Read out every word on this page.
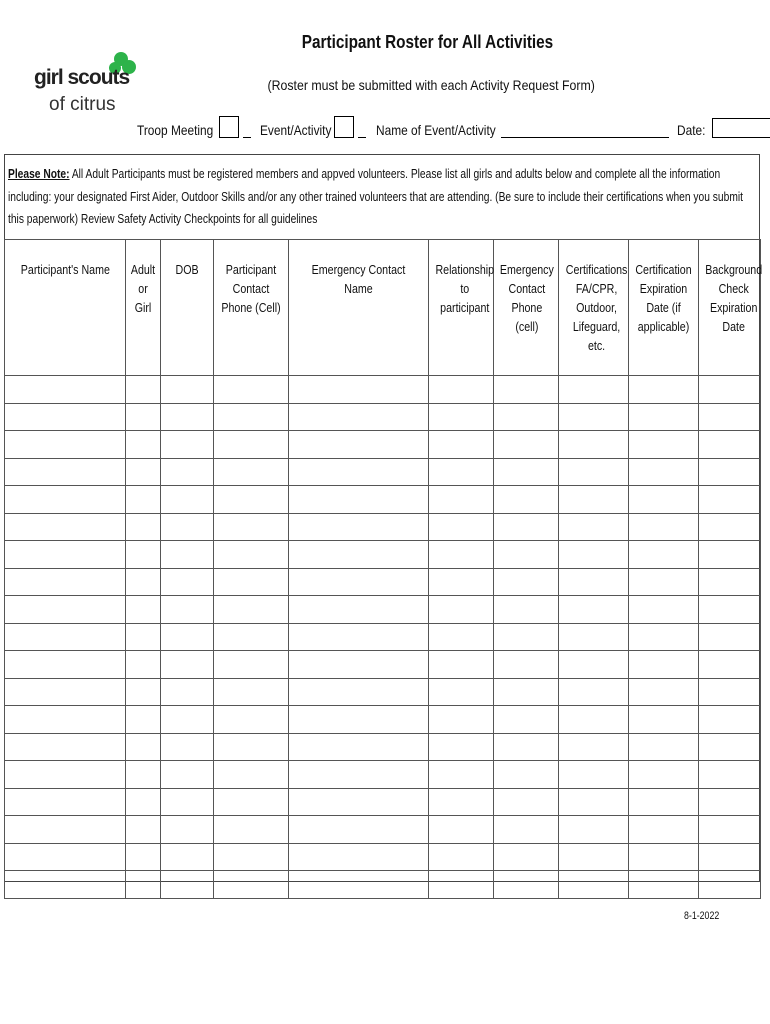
girl scouts
of citrus
Participant Roster for All Activities
(Roster must be submitted with each Activity Request Form)
Troop Meeting	Event/Activity	Name of Event/Activity	Date:
Please Note: All Adult Participants must be registered members and appved volunteers. Please list all girls and adults below and complete all the information including: your designated First Aider, Outdoor Skills and/or any other trained volunteers that are attending. (Be sure to include their certifications when you submit this paperwork) Review Safety Activity Checkpoints for all guidelines
Participant's Name	Adult or Girl	DOB	Participant Contact Phone (Cell)	Emergency Contact Name	Relationship to participant	Emergency Contact Phone (cell)	Certifications FA/CPR, Outdoor, Lifeguard, etc.	Certification Expiration Date (if applicable)	Background Check Expiration Date

8-1-2022
